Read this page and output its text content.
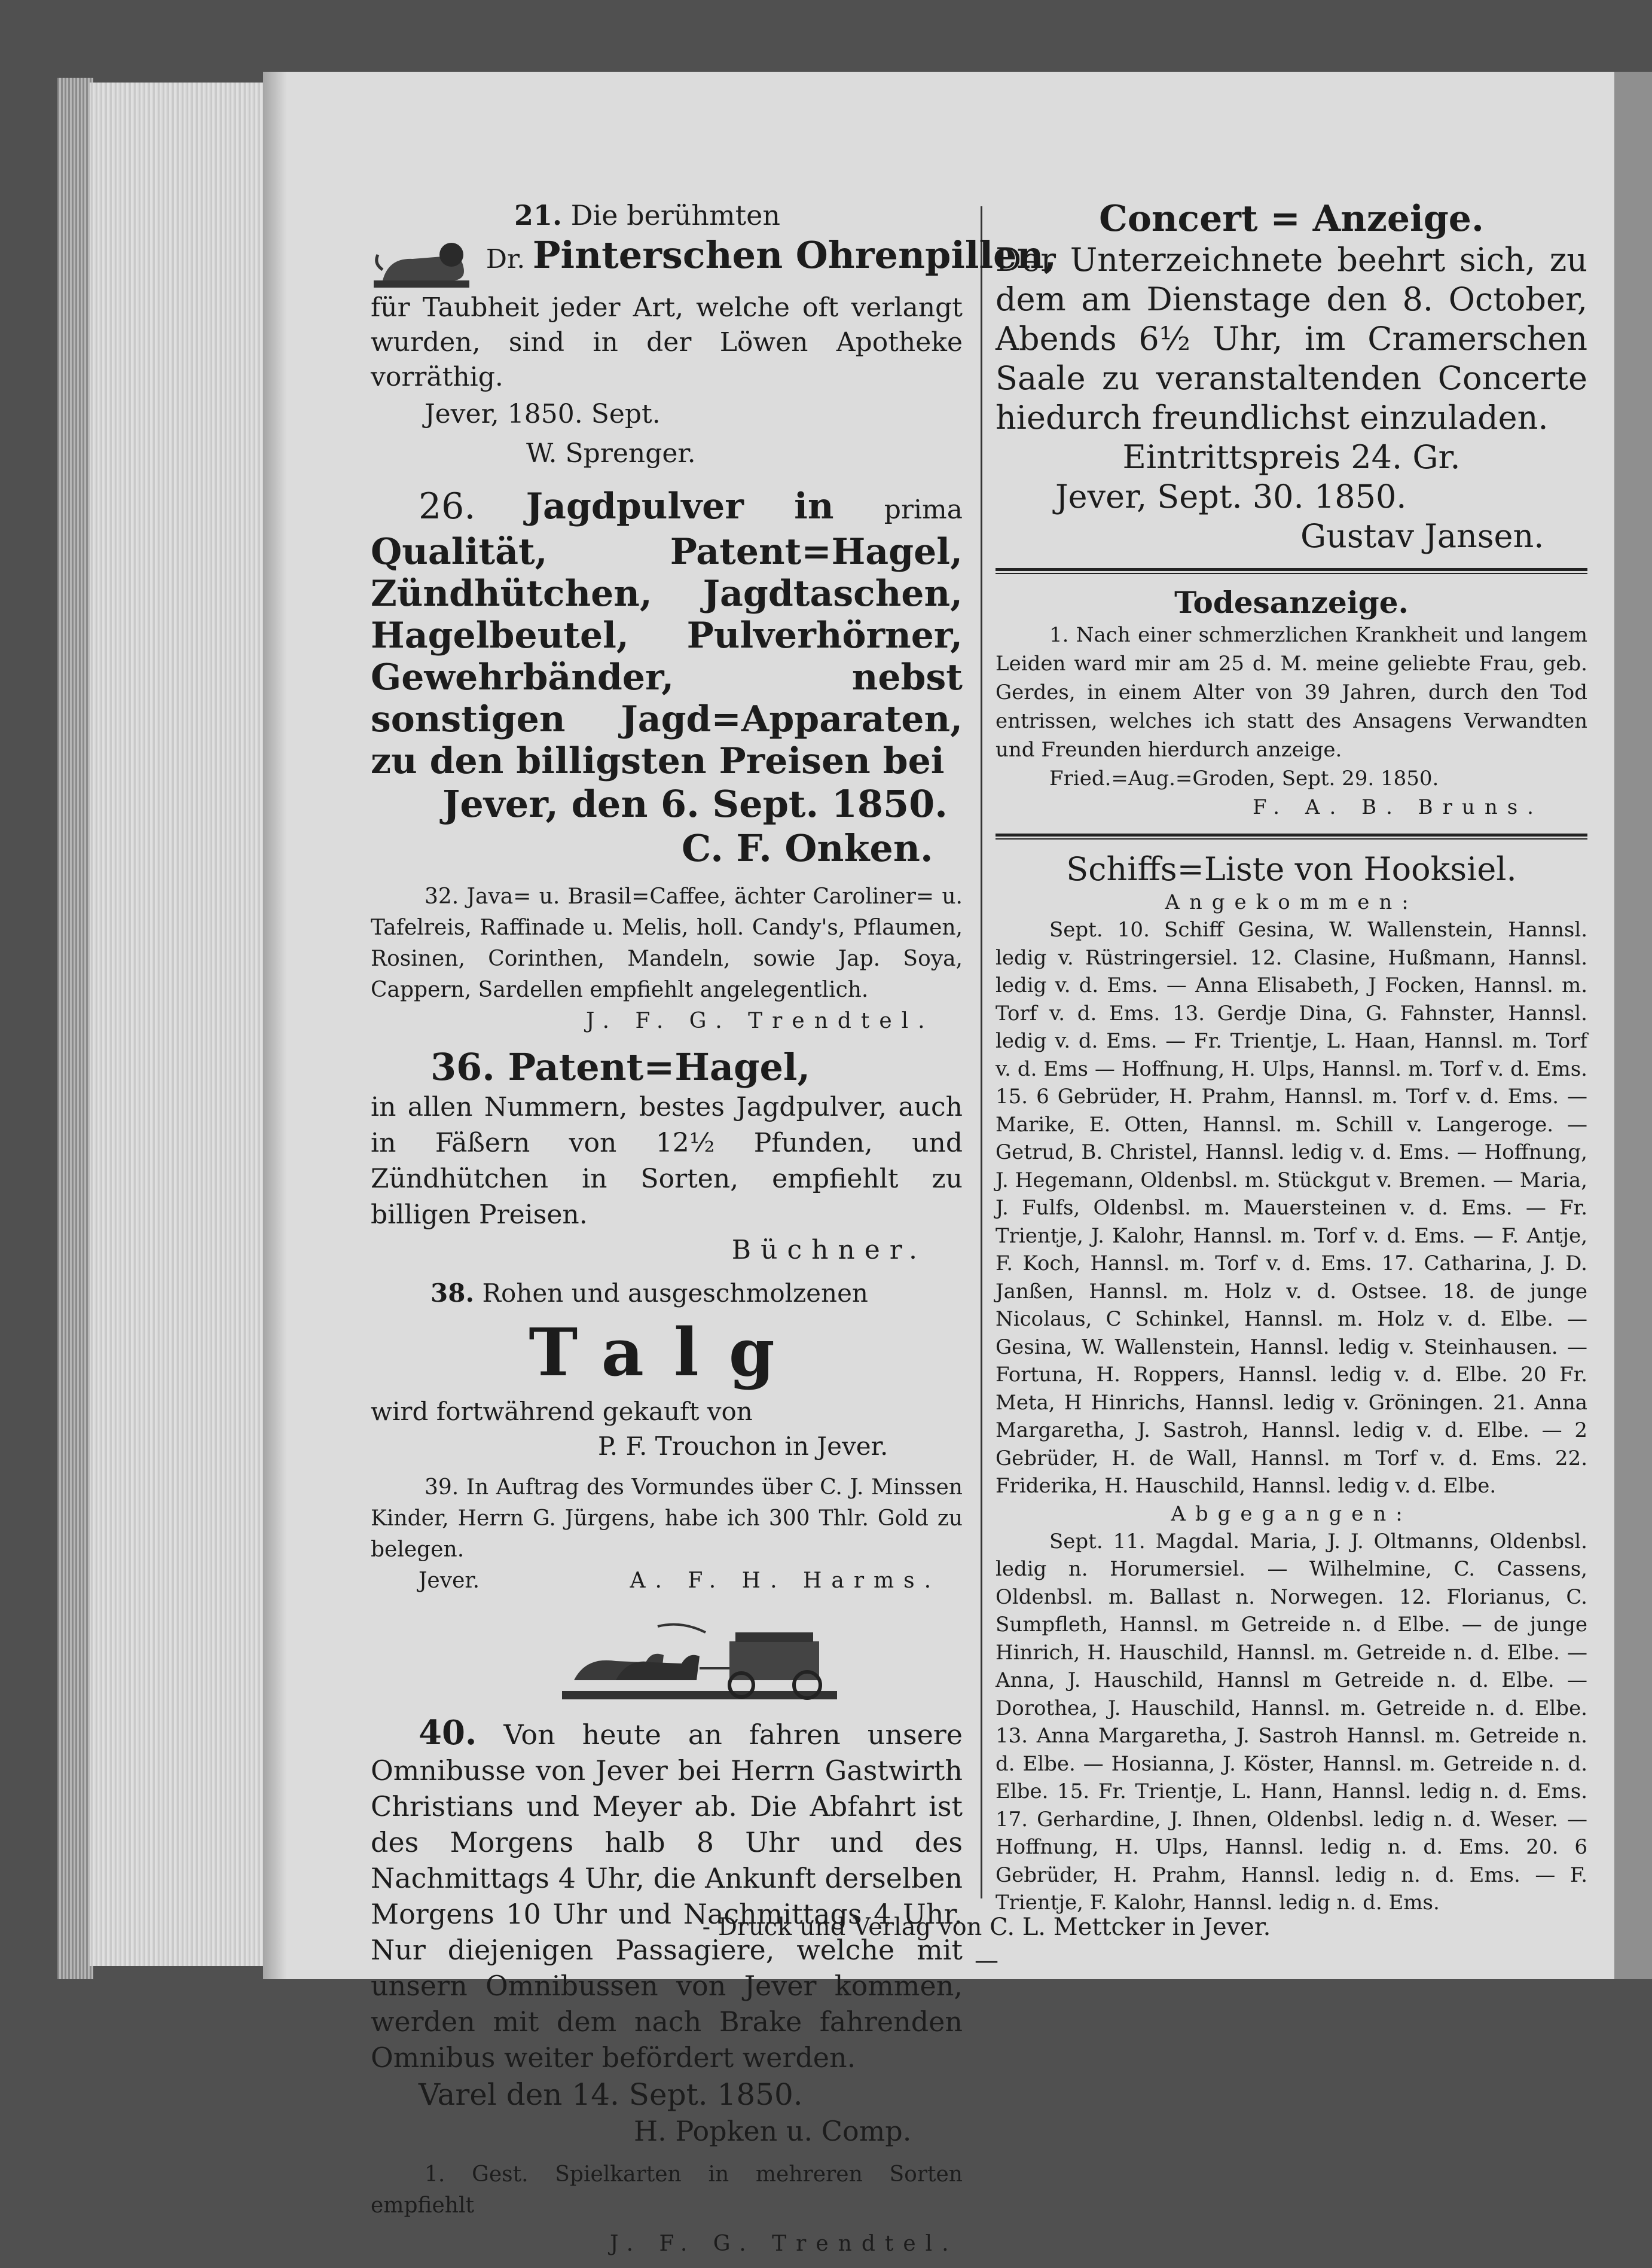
21. Die berühmten
Dr. Pinterschen Ohrenpillen,
für Taubheit jeder Art, welche oft verlangt wurden, sind in der Löwen Apotheke vorräthig.
Jever, 1850. Sept.
W. Sprenger.
26. Jagdpulver in prima Qualität, Patent=Hagel, Zündhütchen, Jagdtaschen, Hagelbeutel, Pulverhörner, Gewehrbänder, nebst sonstigen Jagd=Apparaten, zu den billigsten Preisen bei
Jever, den 6. Sept. 1850.
C. F. Onken.
32. Java= u. Brasil=Caffee, ächter Caroliner= u. Tafelreis, Raffinade u. Melis, holl. Candy's, Pflaumen, Rosinen, Corinthen, Mandeln, sowie Jap. Soya, Cappern, Sardellen empfiehlt angelegentlich.
J. F. G. Trendtel.
36. Patent=Hagel,
in allen Nummern, bestes Jagdpulver, auch in Fäßern von 12½ Pfunden, und Zündhütchen in Sorten, empfiehlt zu billigen Preisen.
Büchner.
38. Rohen und ausgeschmolzenen
Talg
wird fortwährend gekauft von
P. F. Trouchon in Jever.
39. In Auftrag des Vormundes über C. J. Minssen Kinder, Herrn G. Jürgens, habe ich 300 Thlr. Gold zu belegen.
Jever.	A. F. H. Harms.
40. Von heute an fahren unsere Omnibusse von Jever bei Herrn Gastwirth Christians und Meyer ab. Die Abfahrt ist des Morgens halb 8 Uhr und des Nachmittags 4 Uhr, die Ankunft derselben Morgens 10 Uhr und Nachmittags 4 Uhr. Nur diejenigen Passagiere, welche mit unsern Omnibussen von Jever kommen, werden mit dem nach Brake fahrenden Omnibus weiter befördert werden.
Varel den 14. Sept. 1850.
H. Popken u. Comp.
1. Gest. Spielkarten in mehreren Sorten empfiehlt
J. F. G. Trendtel.
Concert = Anzeige.
Der Unterzeichnete beehrt sich, zu dem am Dienstage den 8. October, Abends 6½ Uhr, im Cramerschen Saale zu veranstaltenden Concerte hiedurch freundlichst einzuladen.
Eintrittspreis 24. Gr.
Jever, Sept. 30. 1850.
Gustav Jansen.
Todesanzeige.
1. Nach einer schmerzlichen Krankheit und langem Leiden ward mir am 25 d. M. meine geliebte Frau, geb. Gerdes, in einem Alter von 39 Jahren, durch den Tod entrissen, welches ich statt des Ansagens Verwandten und Freunden hierdurch anzeige.
Fried.=Aug.=Groden, Sept. 29. 1850.
F. A. B. Bruns.
Schiffs=Liste von Hooksiel.
Angekommen:
Sept. 10. Schiff Gesina, W. Wallenstein, Hannsl. ledig v. Rüstringersiel. 12. Clasine, Hußmann, Hannsl. ledig v. d. Ems. — Anna Elisabeth, J Focken, Hannsl. m. Torf v. d. Ems. 13. Gerdje Dina, G. Fahnster, Hannsl. ledig v. d. Ems. — Fr. Trientje, L. Haan, Hannsl. m. Torf v. d. Ems — Hoffnung, H. Ulps, Hannsl. m. Torf v. d. Ems. 15. 6 Gebrüder, H. Prahm, Hannsl. m. Torf v. d. Ems. — Marike, E. Otten, Hannsl. m. Schill v. Langeroge. — Getrud, B. Christel, Hannsl. ledig v. d. Ems. — Hoffnung, J. Hegemann, Oldenbsl. m. Stückgut v. Bremen. — Maria, J. Fulfs, Oldenbsl. m. Mauersteinen v. d. Ems. — Fr. Trientje, J. Kalohr, Hannsl. m. Torf v. d. Ems. — F. Antje, F. Koch, Hannsl. m. Torf v. d. Ems. 17. Catharina, J. D. Janßen, Hannsl. m. Holz v. d. Ostsee. 18. de junge Nicolaus, C Schinkel, Hannsl. m. Holz v. d. Elbe. — Gesina, W. Wallenstein, Hannsl. ledig v. Steinhausen. — Fortuna, H. Roppers, Hannsl. ledig v. d. Elbe. 20 Fr. Meta, H Hinrichs, Hannsl. ledig v. Gröningen. 21. Anna Margaretha, J. Sastroh, Hannsl. ledig v. d. Elbe. — 2 Gebrüder, H. de Wall, Hannsl. m Torf v. d. Ems. 22. Friderika, H. Hauschild, Hannsl. ledig v. d. Elbe.
Abgegangen:
Sept. 11. Magdal. Maria, J. J. Oltmanns, Oldenbsl. ledig n. Horumersiel. — Wilhelmine, C. Cassens, Oldenbsl. m. Ballast n. Norwegen. 12. Florianus, C. Sumpfleth, Hannsl. m Getreide n. d Elbe. — de junge Hinrich, H. Hauschild, Hannsl. m. Getreide n. d. Elbe. — Anna, J. Hauschild, Hannsl m Getreide n. d. Elbe. — Dorothea, J. Hauschild, Hannsl. m. Getreide n. d. Elbe. 13. Anna Margaretha, J. Sastroh Hannsl. m. Getreide n. d. Elbe. — Hosianna, J. Köster, Hannsl. m. Getreide n. d. Elbe. 15. Fr. Trientje, L. Hann, Hannsl. ledig n. d. Ems. 17. Gerhardine, J. Ihnen, Oldenbsl. ledig n. d. Weser. — Hoffnung, H. Ulps, Hannsl. ledig n. d. Ems. 20. 6 Gebrüder, H. Prahm, Hannsl. ledig n. d. Ems. — F. Trientje, F. Kalohr, Hannsl. ledig n. d. Ems.
- Druck und Verlag von C. L. Mettcker in Jever. —
